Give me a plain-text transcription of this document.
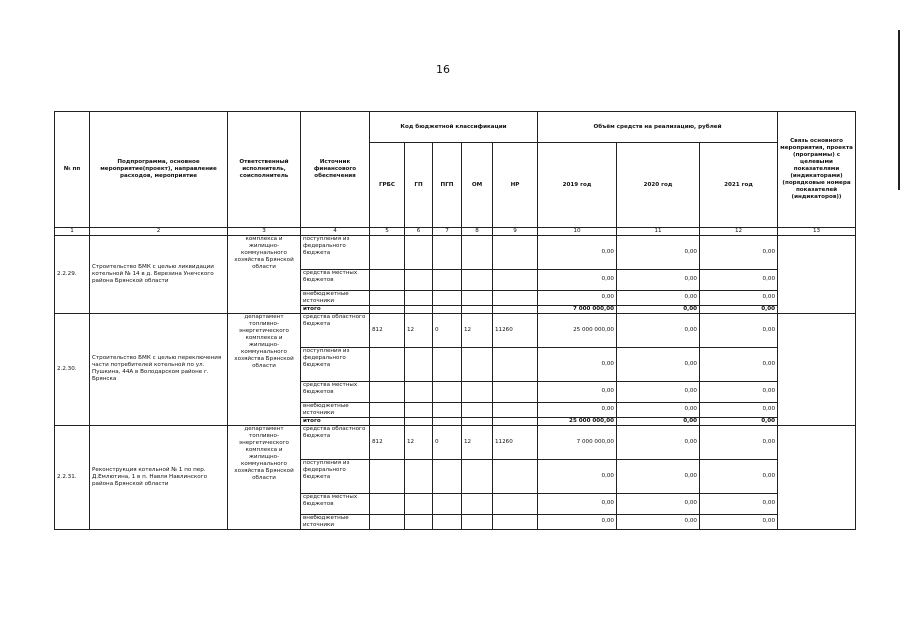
16
№ пп	Подпрограмма, основное мероприятие(проект), направление расходов, мероприятие	Ответственный исполнитель, соисполнитель	Источник финансового обеспечения	Код бюджетной классификации					Объём средств на реализацию, рублей			Связь основного мероприятия, проекта (программы) с целевыми показателями (индикаторами) (порядковые номера показателей (индикаторов))
				ГРБС	ГП	ПГП	ОМ	НР	2019 год	2020 год	2021 год	
1	2	3	4	5	6	7	8	9	10	11	12	13
2.2.29.	Строительство БМК с целью ликвидации котельной № 14 в д. Березина Унечского района Брянской области	комплекса и жилищно-коммунального хозяйства Брянской области	поступления из федерального бюджета						0,00	0,00	0,00	
			средства местных бюджетов						0,00	0,00	0,00	
			внебюджетные источники						0,00	0,00	0,00	
			итого						7 000 000,00	0,00	0,00	
2.2.30.	Строительство БМК с целью переключения части потребителей котельной по ул. Пушкина, 44А в Володарском районе г. Брянска	департамент топливно-энергетического комплекса и жилищно-коммунального хозяйства Брянской области	средства областного бюджета	812	12	0	12	11260	25 000 000,00	0,00	0,00	
			поступления из федерального бюджета						0,00	0,00	0,00	
			средства местных бюджетов						0,00	0,00	0,00	
			внебюджетные источники						0,00	0,00	0,00	
			итого						25 000 000,00	0,00	0,00	
2.2.31.	Реконструкция котельной № 1 по пер. Д.Емлютина, 1 в п. Навля Навлинского района Брянской области	департамент топливно-энергетического комплекса и жилищно-коммунального хозяйства Брянской области	средства областного бюджета	812	12	0	12	11260	7 000 000,00	0,00	0,00	
			поступления из федерального бюджета						0,00	0,00	0,00	
			средства местных бюджетов						0,00	0,00	0,00	
			внебюджетные источники						0,00	0,00	0,00	
